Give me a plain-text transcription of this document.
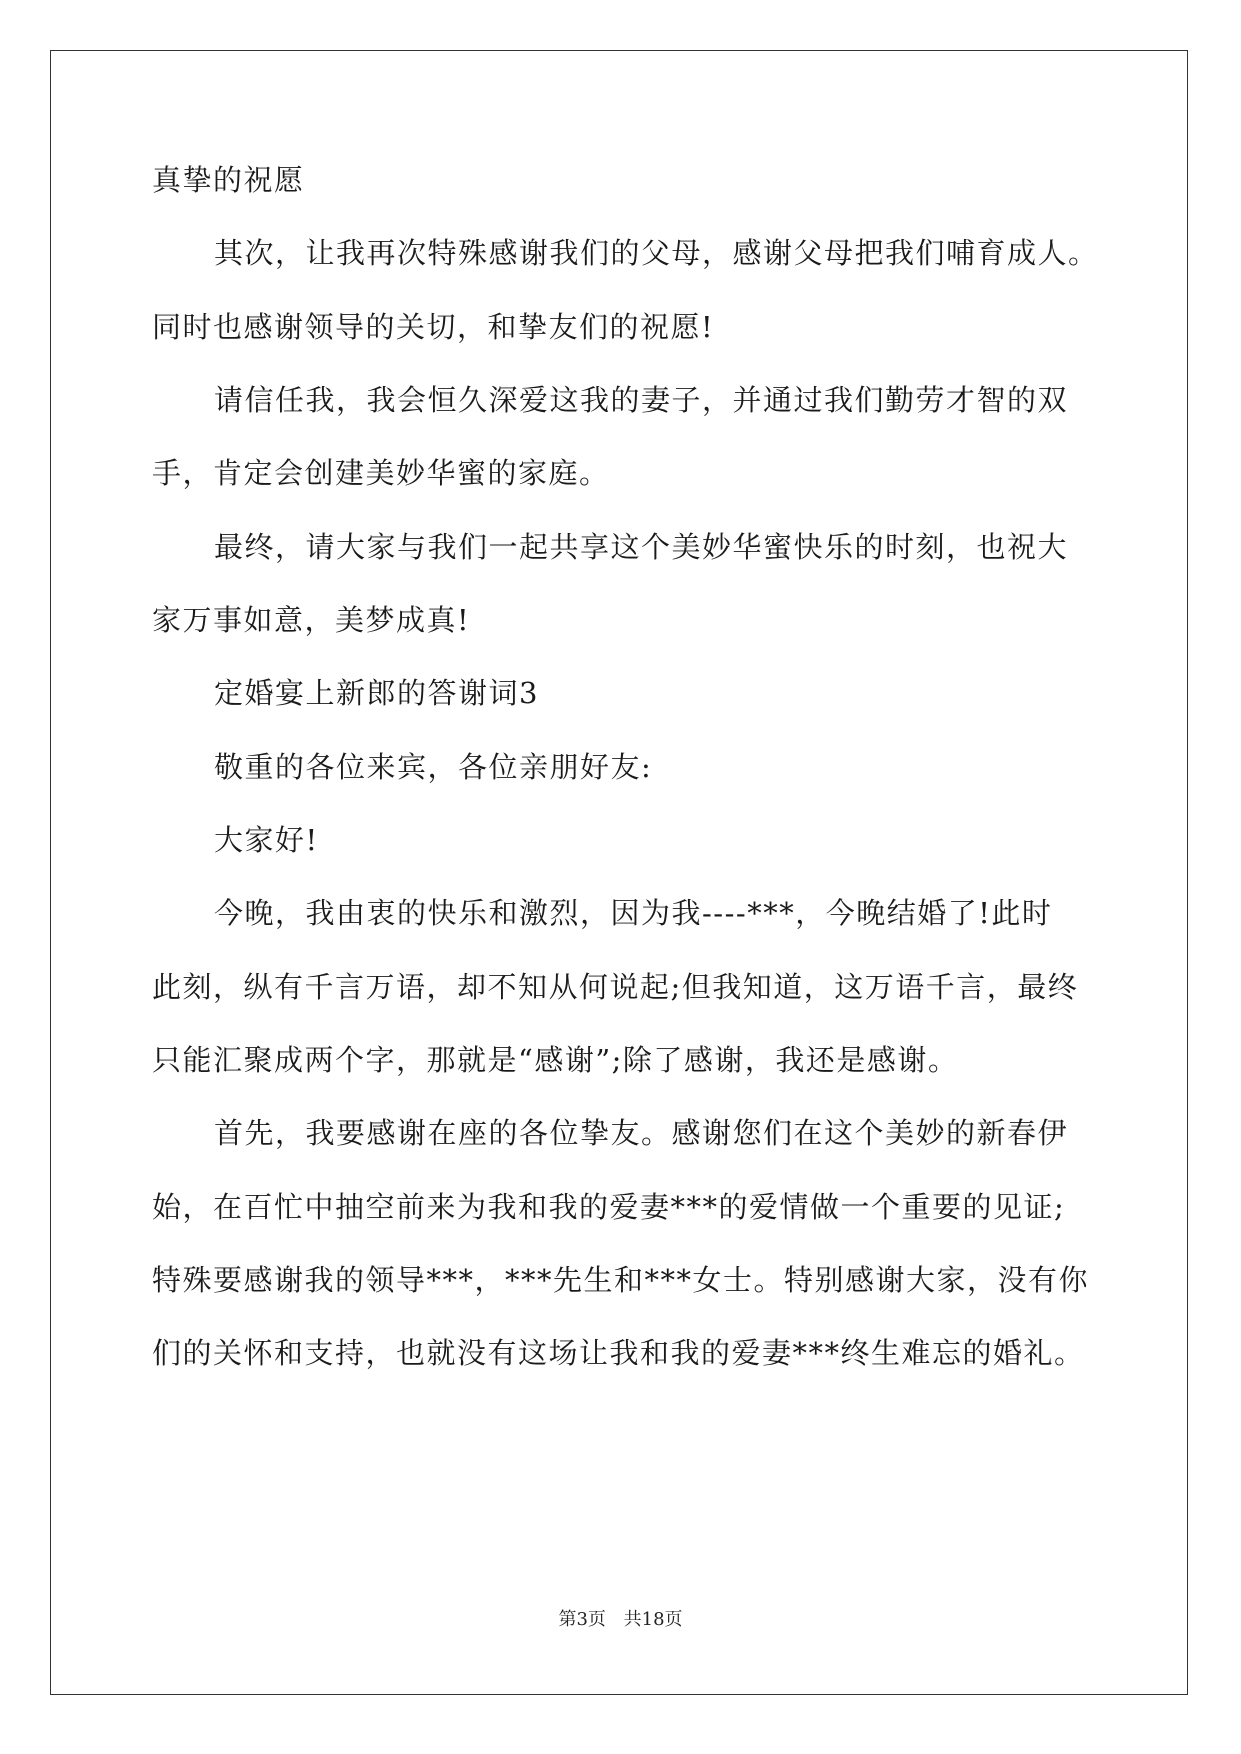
真挚的祝愿
其次，让我再次特殊感谢我们的父母，感谢父母把我们哺育成人。
同时也感谢领导的关切，和挚友们的祝愿!
请信任我，我会恒久深爱这我的妻子，并通过我们勤劳才智的双
手，肯定会创建美妙华蜜的家庭。
最终，请大家与我们一起共享这个美妙华蜜快乐的时刻，也祝大
家万事如意，美梦成真!
定婚宴上新郎的答谢词3
敬重的各位来宾，各位亲朋好友:
大家好!
今晚，我由衷的快乐和激烈，因为我----***，今晚结婚了!此时
此刻，纵有千言万语，却不知从何说起;但我知道，这万语千言，最终
只能汇聚成两个字，那就是“感谢”;除了感谢，我还是感谢。
首先，我要感谢在座的各位挚友。感谢您们在这个美妙的新春伊
始，在百忙中抽空前来为我和我的爱妻***的爱情做一个重要的见证;
特殊要感谢我的领导***，***先生和***女士。特别感谢大家，没有你
们的关怀和支持，也就没有这场让我和我的爱妻***终生难忘的婚礼。
第3页 共18页
